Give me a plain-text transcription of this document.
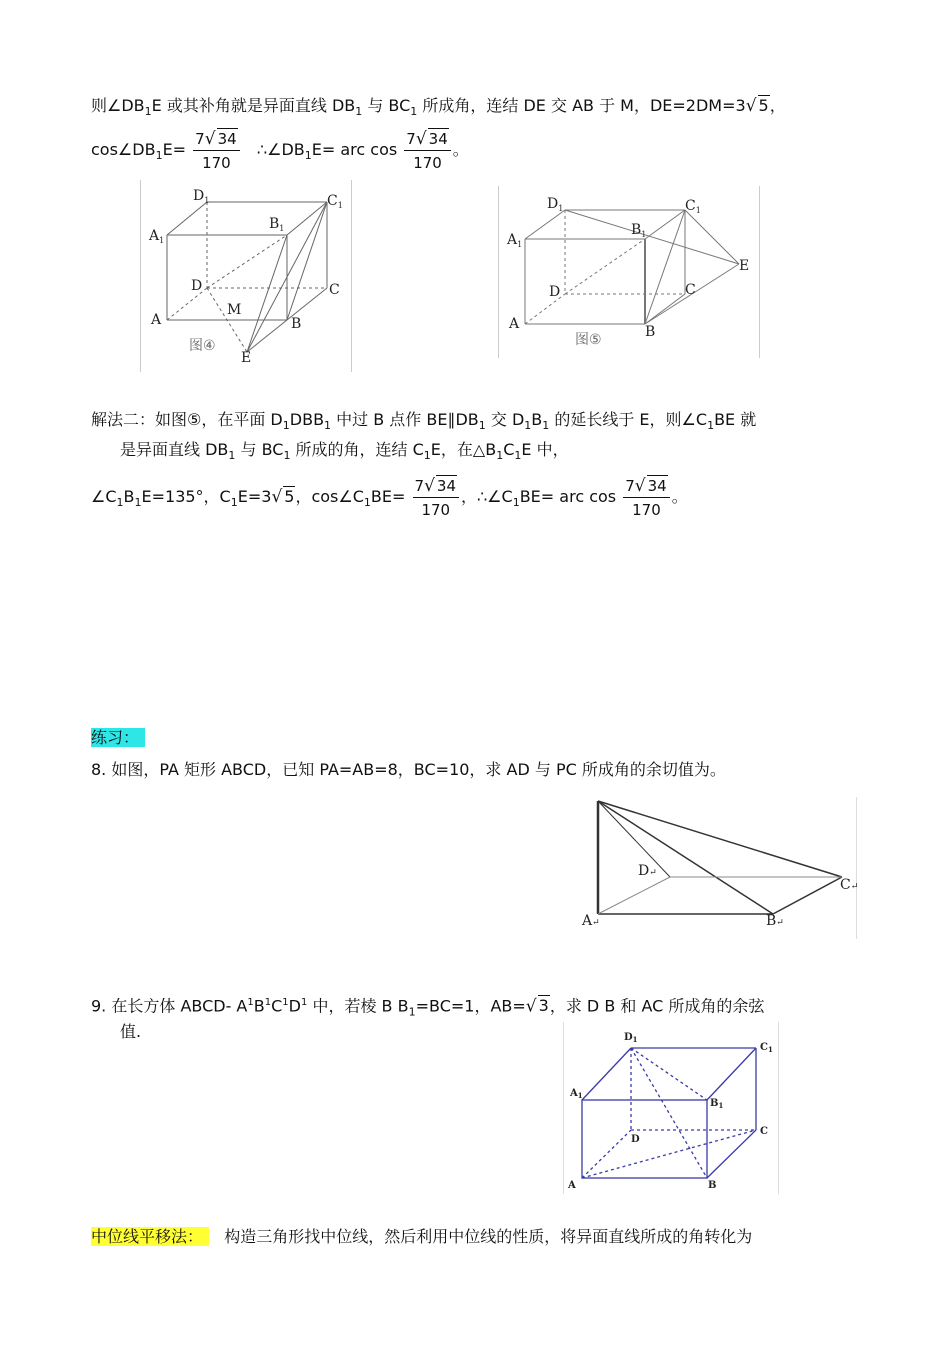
则$\angle DB_1E$ 或其补角就是异面直线 $DB_1$ 与 $BC_1$ 所成角，连结 DE 交 AB 于 M，DE=2DM=3√ 5，
$\cos\angle DB_1E= \frac{7√ 34}{170}$ $\therefore\angle DB_1E=$ arc $\cos \frac{7√ 34}{170}$ 。
$D_1$
$A_1$
$B_1$
$C_1$
D	C
A
M
B
E
图④
$D_1$	$C_1$
$A_1$
$B_1$
E
D	C
A	B
图⑤
解法二：如图⑤，在平面 $D_1DBB_1$ 中过 B 点作 $BE\parallel DB_1$ 交 $D_1B_1$ 的延长线于 E，则$\angle C_1BE$ 就
是异面直线 $DB_1$ 与 $BC_1$ 所成的角，连结 $C_1E$，在$\triangle B_1C_1E$ 中，
$\angle C_1B_1E=135^\circ$，$C_1E=3√$ 5，$\cos\angle C_1BE= \frac{7√ 34}{170}$ ，$\therefore\angle C_1BE=$ arc $\cos \frac{7√ 34}{170}$ 。
练习：
8. 如图，PA 矩形 ABCD，已知 PA=AB=8，BC=10，求 AD 与 PC 所成角的余切值为。
D↵
C↵
A↵	B↵
9. 在长方体 ABCD- $A^1B^1C^1D^1$ 中，若棱 B $B_1=BC=1$，AB=√ 3，求 D B 和 AC 所成角的余弦
值.	$D_1$
$C_1$
$A_1$
$B_1$
D
C
A	B
中位线平移法： 构造三角形找中位线，然后利用中位线的性质，将异面直线所成的角转化为
